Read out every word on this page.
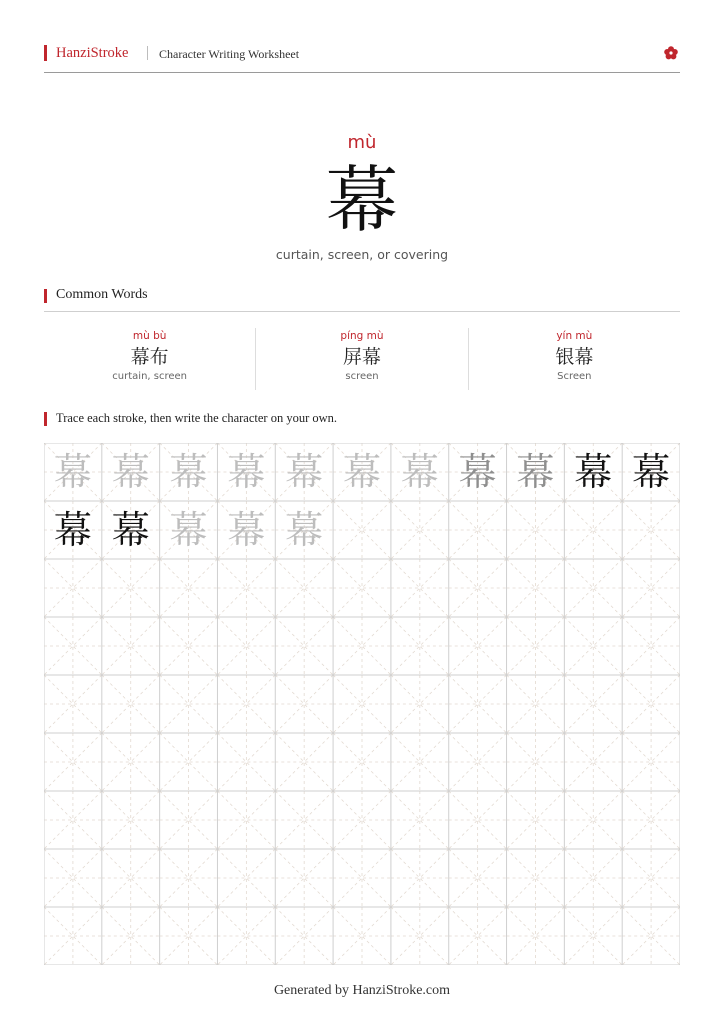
HanziStroke	Character Writing Worksheet
mù
幕
curtain, screen, or covering
Common Words
mù bù
幕布
curtain, screen
píng mù
屏幕
screen
yín mù
银幕
Screen
Trace each stroke, then write the character on your own.
幕 幕 幕 幕 幕 幕 幕 幕 幕 幕 幕
幕 幕 幕 幕 幕
Generated by HanziStroke.com
